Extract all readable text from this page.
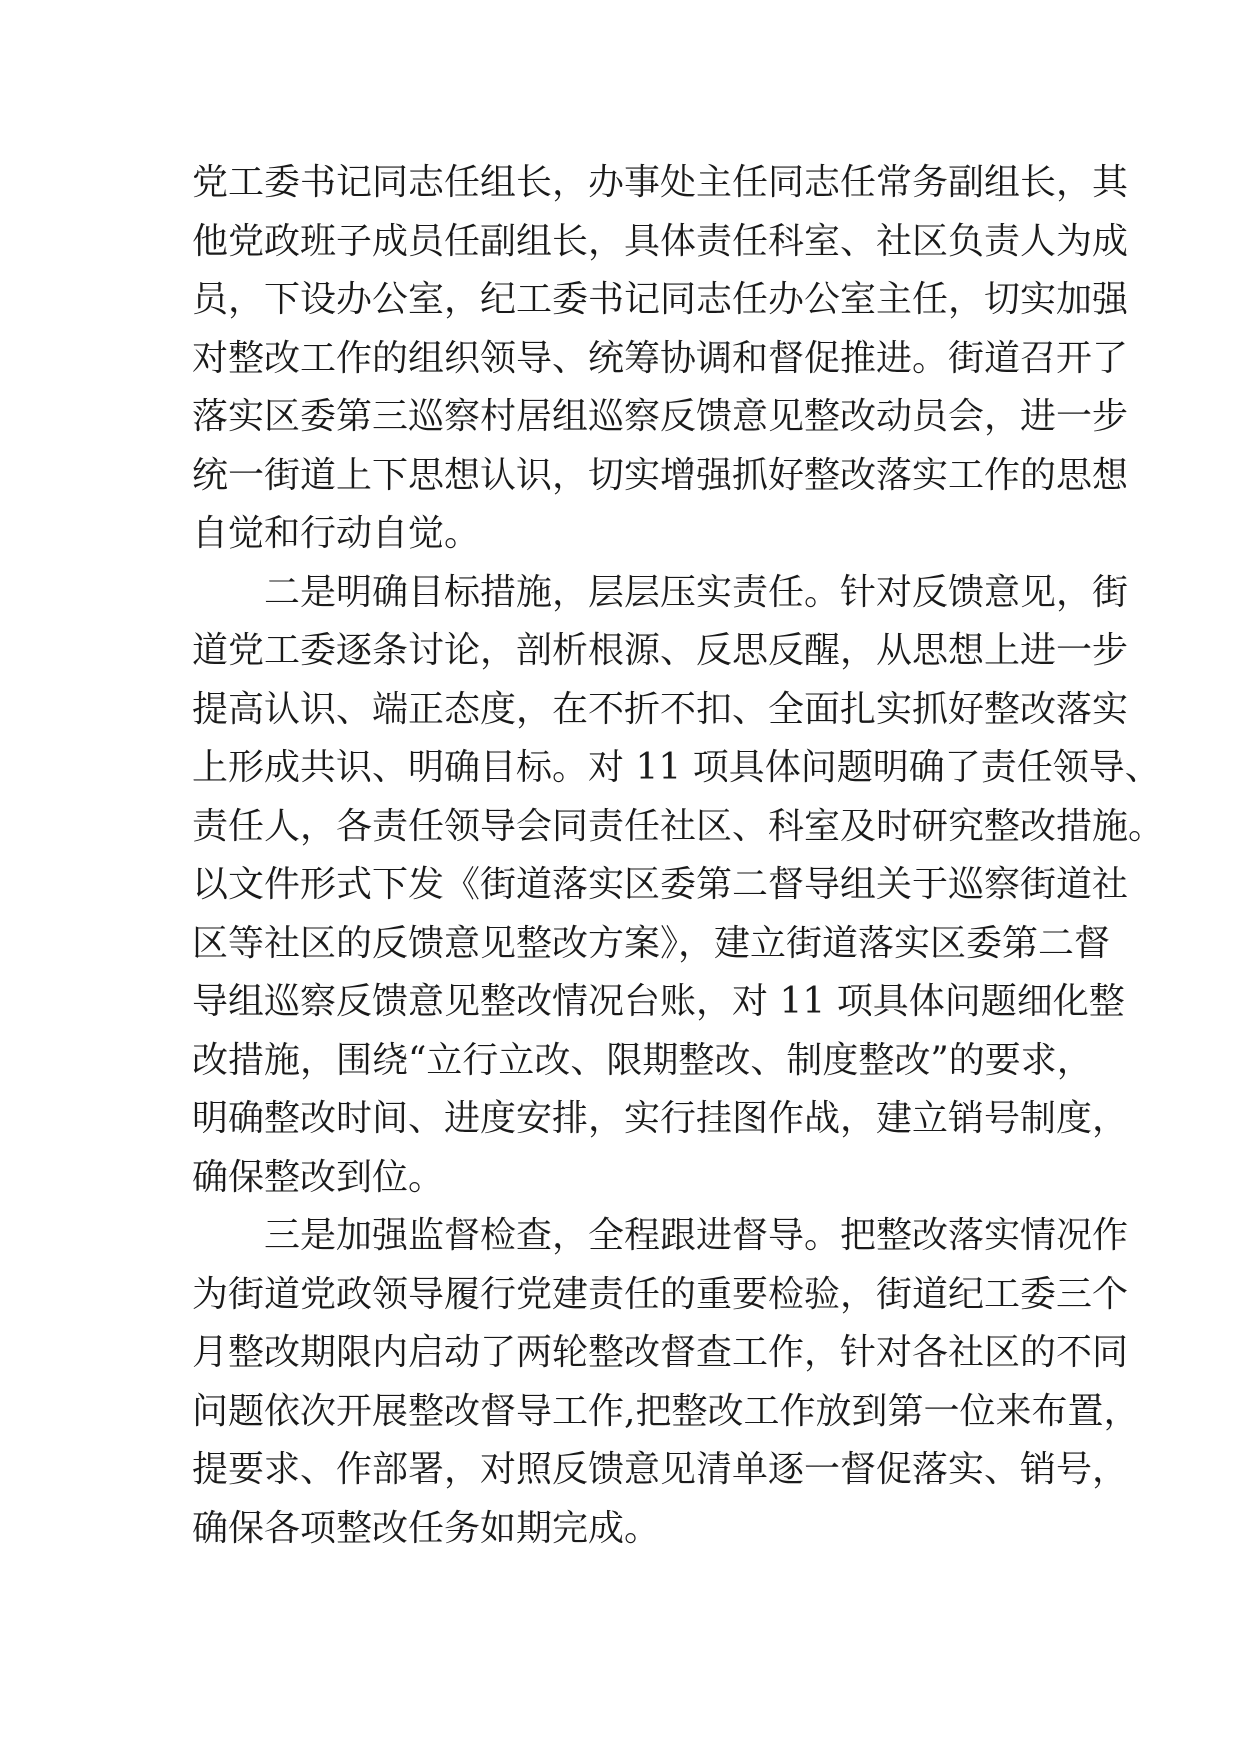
党工委书记同志任组长，办事处主任同志任常务副组长，其
他党政班子成员任副组长，具体责任科室、社区负责人为成
员，下设办公室，纪工委书记同志任办公室主任，切实加强
对整改工作的组织领导、统筹协调和督促推进。街道召开了
落实区委第三巡察村居组巡察反馈意见整改动员会，进一步
统一街道上下思想认识，切实增强抓好整改落实工作的思想
自觉和行动自觉。
二是明确目标措施，层层压实责任。针对反馈意见，街
道党工委逐条讨论，剖析根源、反思反醒，从思想上进一步
提高认识、端正态度，在不折不扣、全面扎实抓好整改落实
上形成共识、明确目标。对 11 项具体问题明确了责任领导、
责任人，各责任领导会同责任社区、科室及时研究整改措施。
以文件形式下发《街道落实区委第二督导组关于巡察街道社
区等社区的反馈意见整改方案》，建立街道落实区委第二督
导组巡察反馈意见整改情况台账，对 11 项具体问题细化整
改措施，围绕“立行立改、限期整改、制度整改”的要求，
明确整改时间、进度安排，实行挂图作战，建立销号制度，
确保整改到位。
三是加强监督检查，全程跟进督导。把整改落实情况作
为街道党政领导履行党建责任的重要检验，街道纪工委三个
月整改期限内启动了两轮整改督查工作，针对各社区的不同
问题依次开展整改督导工作,把整改工作放到第一位来布置，
提要求、作部署，对照反馈意见清单逐一督促落实、销号，
确保各项整改任务如期完成。
